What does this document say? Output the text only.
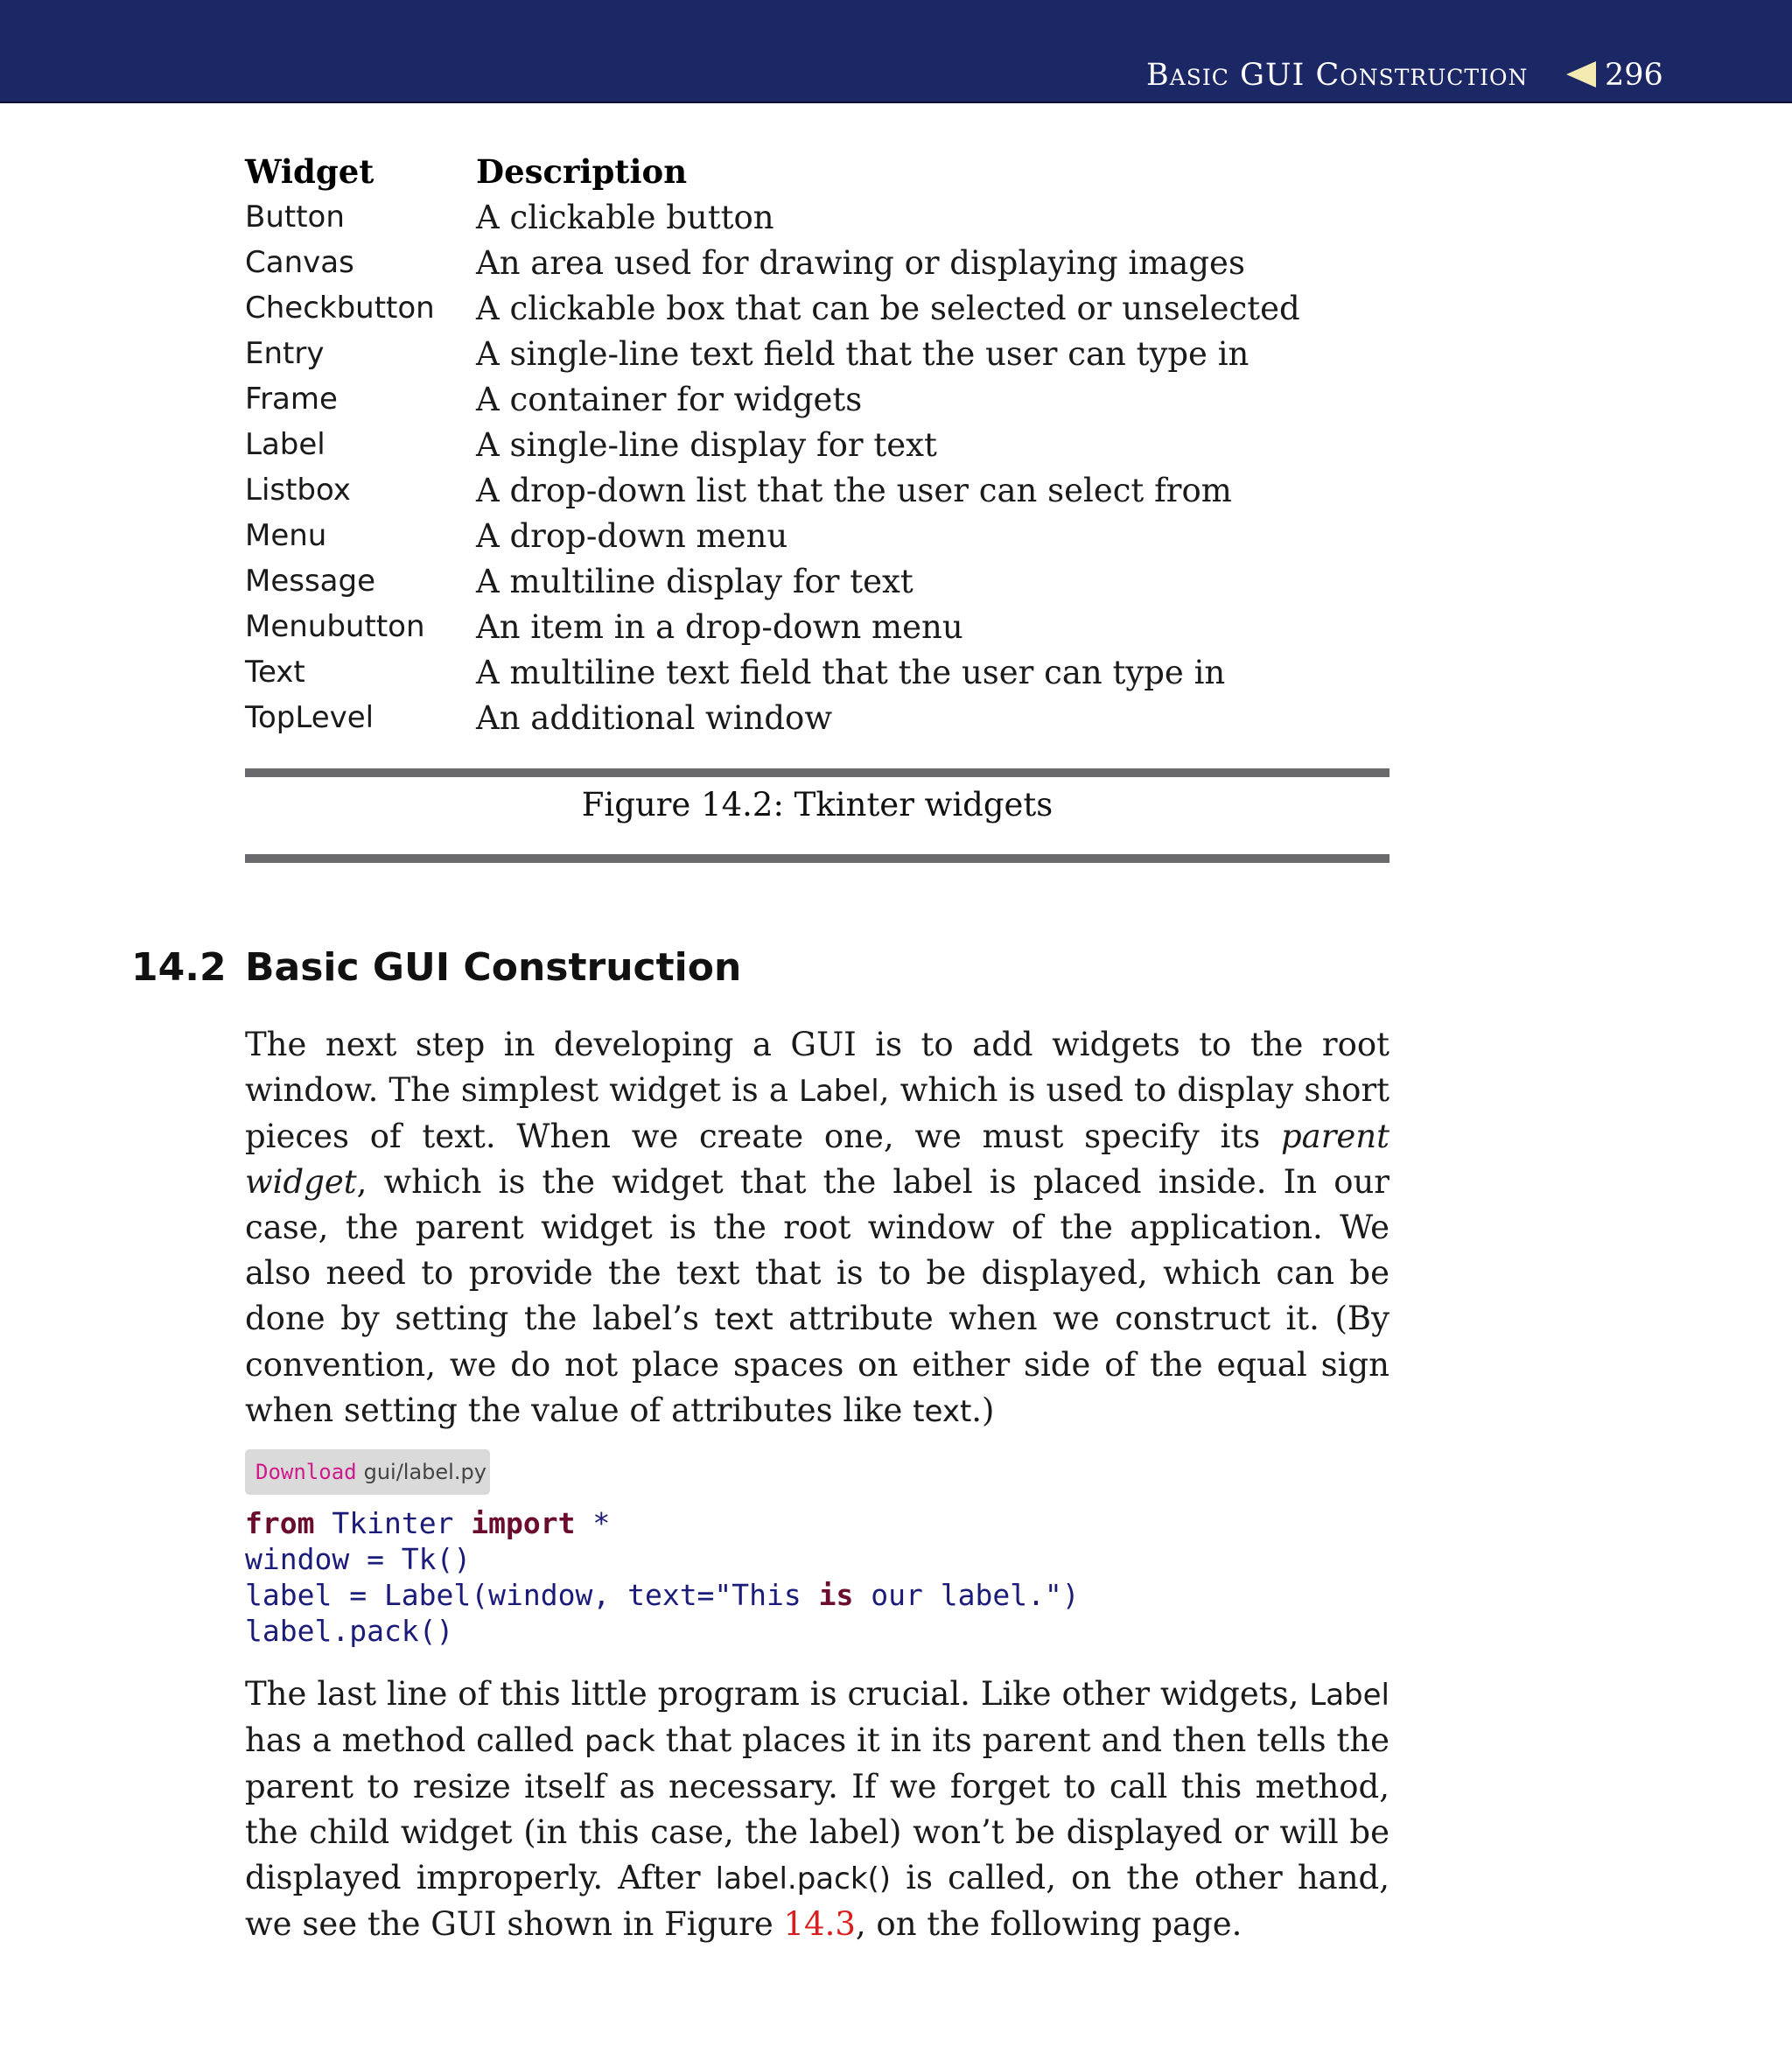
Basic GUI Construction	296
Widget	Description
Button	A clickable button
Canvas	An area used for drawing or displaying images
Checkbutton	A clickable box that can be selected or unselected
Entry	A single-line text field that the user can type in
Frame	A container for widgets
Label	A single-line display for text
Listbox	A drop-down list that the user can select from
Menu	A drop-down menu
Message	A multiline display for text
Menubutton	An item in a drop-down menu
Text	A multiline text field that the user can type in
TopLevel	An additional window
Figure 14.2: Tkinter widgets
14.2 Basic GUI Construction

The next step in developing a GUI is to add widgets to the root window. The simplest widget is a Label, which is used to display short pieces of text. When we create one, we must specify its parent widget, which is the widget that the label is placed inside. In our case, the parent widget is the root window of the application. We also need to provide the text that is to be displayed, which can be done by setting the label’s text attribute when we construct it. (By convention, we do not place spaces on either side of the equal sign when setting the value of attributes like text.)

Download gui/label.py
from Tkinter import *
window = Tk()
label = Label(window, text="This is our label.")
label.pack()

The last line of this little program is crucial. Like other widgets, Label has a method called pack that places it in its parent and then tells the parent to resize itself as necessary. If we forget to call this method, the child widget (in this case, the label) won’t be displayed or will be displayed improperly. After label.pack() is called, on the other hand, we see the GUI shown in Figure 14.3, on the following page.
